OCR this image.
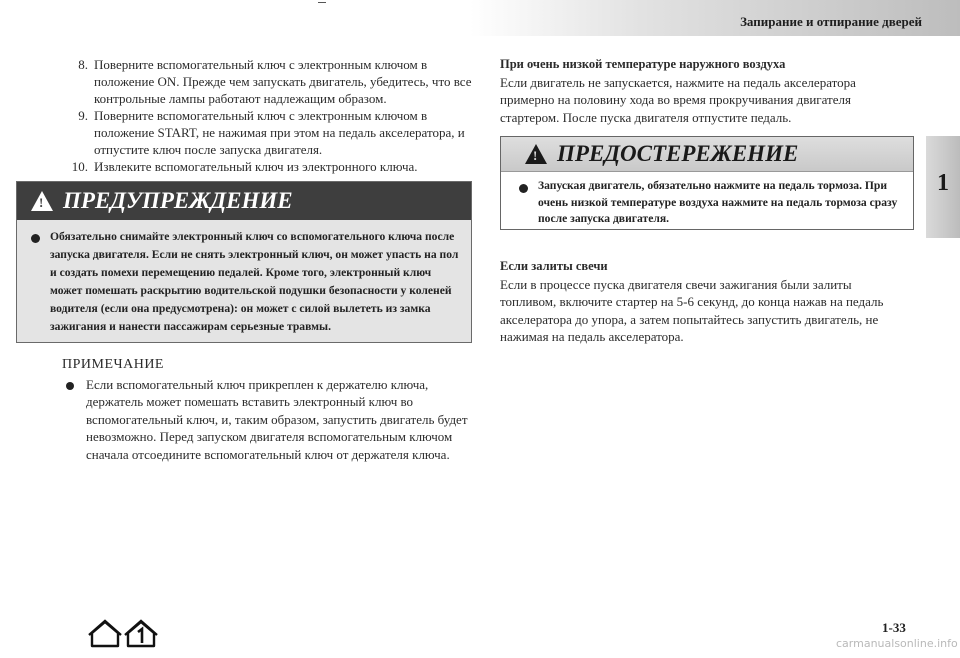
Запирание и отпирание дверей
1
8. Поверните вспомогательный ключ с электронным ключом в положение ON. Прежде чем запускать двигатель, убедитесь, что все контрольные лампы работают надлежащим образом.
9. Поверните вспомогательный ключ с электронным ключом в положение START, не нажимая при этом на педаль акселератора, и отпустите ключ после запуска двигателя.
10. Извлеките вспомогательный ключ из электронного ключа.
!
ПРЕДУПРЕЖДЕНИЕ
Обязательно снимайте электронный ключ со вспомогательного ключа после запуска двигателя. Если не снять электронный ключ, он может упасть на пол и создать помехи перемещению педалей. Кроме того, электронный ключ может помешать раскрытию водительской подушки безопасности у коленей водителя (если она предусмотрена): он может с силой вылететь из замка зажигания и нанести пассажирам серьезные травмы.
ПРИМЕЧАНИЕ
Если вспомогательный ключ прикреплен к держателю ключа, держатель может помешать вставить электронный ключ во вспомогательный ключ, и, таким образом, запустить двигатель будет невозможно. Перед запуском двигателя вспомогательным ключом сначала отсоедините вспомогательный ключ от держателя ключа.
При очень низкой температуре наружного воздуха
Если двигатель не запускается, нажмите на педаль акселератора примерно на половину хода во время прокручивания двигателя стартером. После пуска двигателя отпустите педаль.
!
ПРЕДОСТЕРЕЖЕНИЕ
Запуская двигатель, обязательно нажмите на педаль тормоза. При очень низкой температуре воздуха нажмите на педаль тормоза сразу после запуска двигателя.
Если залиты свечи
Если в процессе пуска двигателя свечи зажигания были залиты топливом, включите стартер на 5-6 секунд, до конца нажав на педаль акселератора до упора, а затем попытайтесь запустить двигатель, не нажимая на педаль акселератора.
1-33
carmanualsonline.info
